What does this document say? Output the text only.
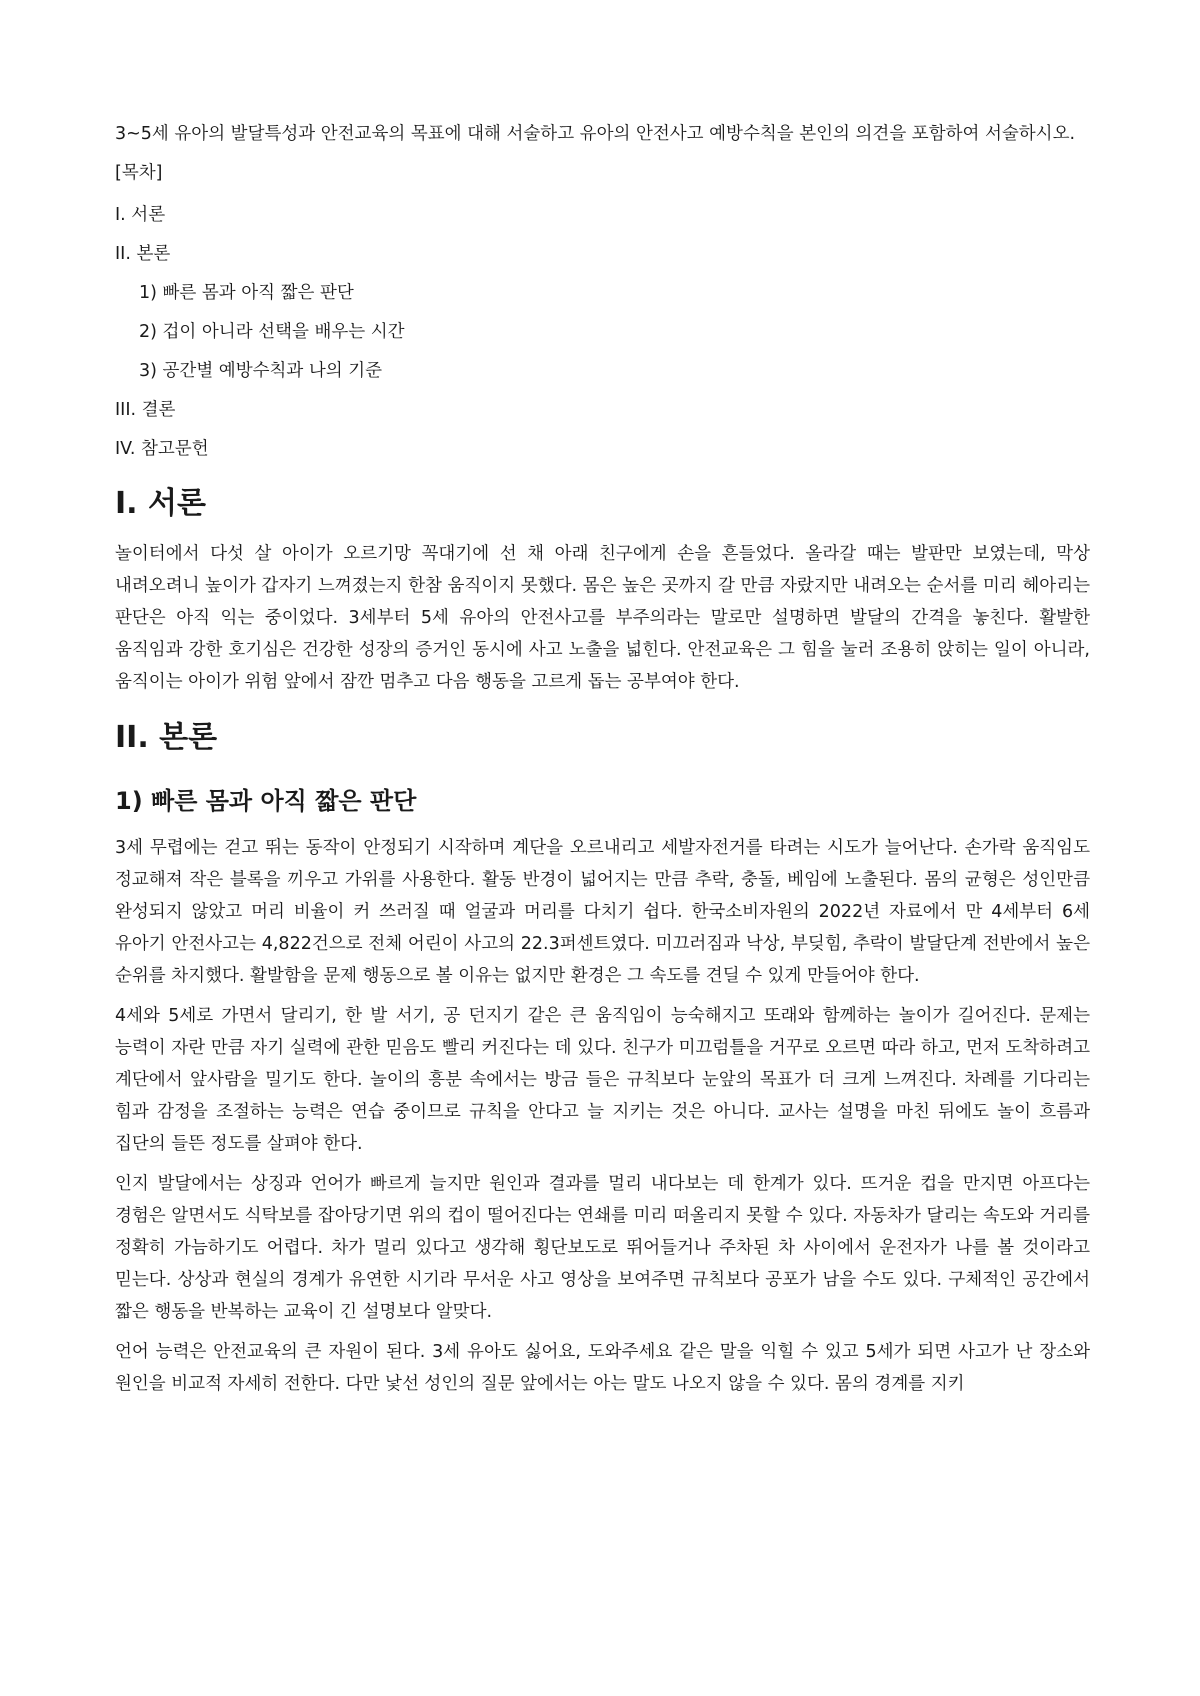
3~5세 유아의 발달특성과 안전교육의 목표에 대해 서술하고 유아의 안전사고 예방수칙을 본인의 의견을 포함하여 서술하시오.

[목차]
I. 서론
II. 본론
1) 빠른 몸과 아직 짧은 판단
2) 겁이 아니라 선택을 배우는 시간
3) 공간별 예방수칙과 나의 기준
III. 결론
IV. 참고문헌
I. 서론

놀이터에서 다섯 살 아이가 오르기망 꼭대기에 선 채 아래 친구에게 손을 흔들었다. 올라갈 때는 발판만 보였는데, 막상 내려오려니 높이가 갑자기 느껴졌는지 한참 움직이지 못했다. 몸은 높은 곳까지 갈 만큼 자랐지만 내려오는 순서를 미리 헤아리는 판단은 아직 익는 중이었다. 3세부터 5세 유아의 안전사고를 부주의라는 말로만 설명하면 발달의 간격을 놓친다. 활발한 움직임과 강한 호기심은 건강한 성장의 증거인 동시에 사고 노출을 넓힌다. 안전교육은 그 힘을 눌러 조용히 앉히는 일이 아니라, 움직이는 아이가 위험 앞에서 잠깐 멈추고 다음 행동을 고르게 돕는 공부여야 한다.

II. 본론
1) 빠른 몸과 아직 짧은 판단

3세 무렵에는 걷고 뛰는 동작이 안정되기 시작하며 계단을 오르내리고 세발자전거를 타려는 시도가 늘어난다. 손가락 움직임도 정교해져 작은 블록을 끼우고 가위를 사용한다. 활동 반경이 넓어지는 만큼 추락, 충돌, 베임에 노출된다. 몸의 균형은 성인만큼 완성되지 않았고 머리 비율이 커 쓰러질 때 얼굴과 머리를 다치기 쉽다. 한국소비자원의 2022년 자료에서 만 4세부터 6세 유아기 안전사고는 4,822건으로 전체 어린이 사고의 22.3퍼센트였다. 미끄러짐과 낙상, 부딪힘, 추락이 발달단계 전반에서 높은 순위를 차지했다. 활발함을 문제 행동으로 볼 이유는 없지만 환경은 그 속도를 견딜 수 있게 만들어야 한다.

4세와 5세로 가면서 달리기, 한 발 서기, 공 던지기 같은 큰 움직임이 능숙해지고 또래와 함께하는 놀이가 길어진다. 문제는 능력이 자란 만큼 자기 실력에 관한 믿음도 빨리 커진다는 데 있다. 친구가 미끄럼틀을 거꾸로 오르면 따라 하고, 먼저 도착하려고 계단에서 앞사람을 밀기도 한다. 놀이의 흥분 속에서는 방금 들은 규칙보다 눈앞의 목표가 더 크게 느껴진다. 차례를 기다리는 힘과 감정을 조절하는 능력은 연습 중이므로 규칙을 안다고 늘 지키는 것은 아니다. 교사는 설명을 마친 뒤에도 놀이 흐름과 집단의 들뜬 정도를 살펴야 한다.

인지 발달에서는 상징과 언어가 빠르게 늘지만 원인과 결과를 멀리 내다보는 데 한계가 있다. 뜨거운 컵을 만지면 아프다는 경험은 알면서도 식탁보를 잡아당기면 위의 컵이 떨어진다는 연쇄를 미리 떠올리지 못할 수 있다. 자동차가 달리는 속도와 거리를 정확히 가늠하기도 어렵다. 차가 멀리 있다고 생각해 횡단보도로 뛰어들거나 주차된 차 사이에서 운전자가 나를 볼 것이라고 믿는다. 상상과 현실의 경계가 유연한 시기라 무서운 사고 영상을 보여주면 규칙보다 공포가 남을 수도 있다. 구체적인 공간에서 짧은 행동을 반복하는 교육이 긴 설명보다 알맞다.

언어 능력은 안전교육의 큰 자원이 된다. 3세 유아도 싫어요, 도와주세요 같은 말을 익힐 수 있고 5세가 되면 사고가 난 장소와 원인을 비교적 자세히 전한다. 다만 낯선 성인의 질문 앞에서는 아는 말도 나오지 않을 수 있다. 몸의 경계를 지키
